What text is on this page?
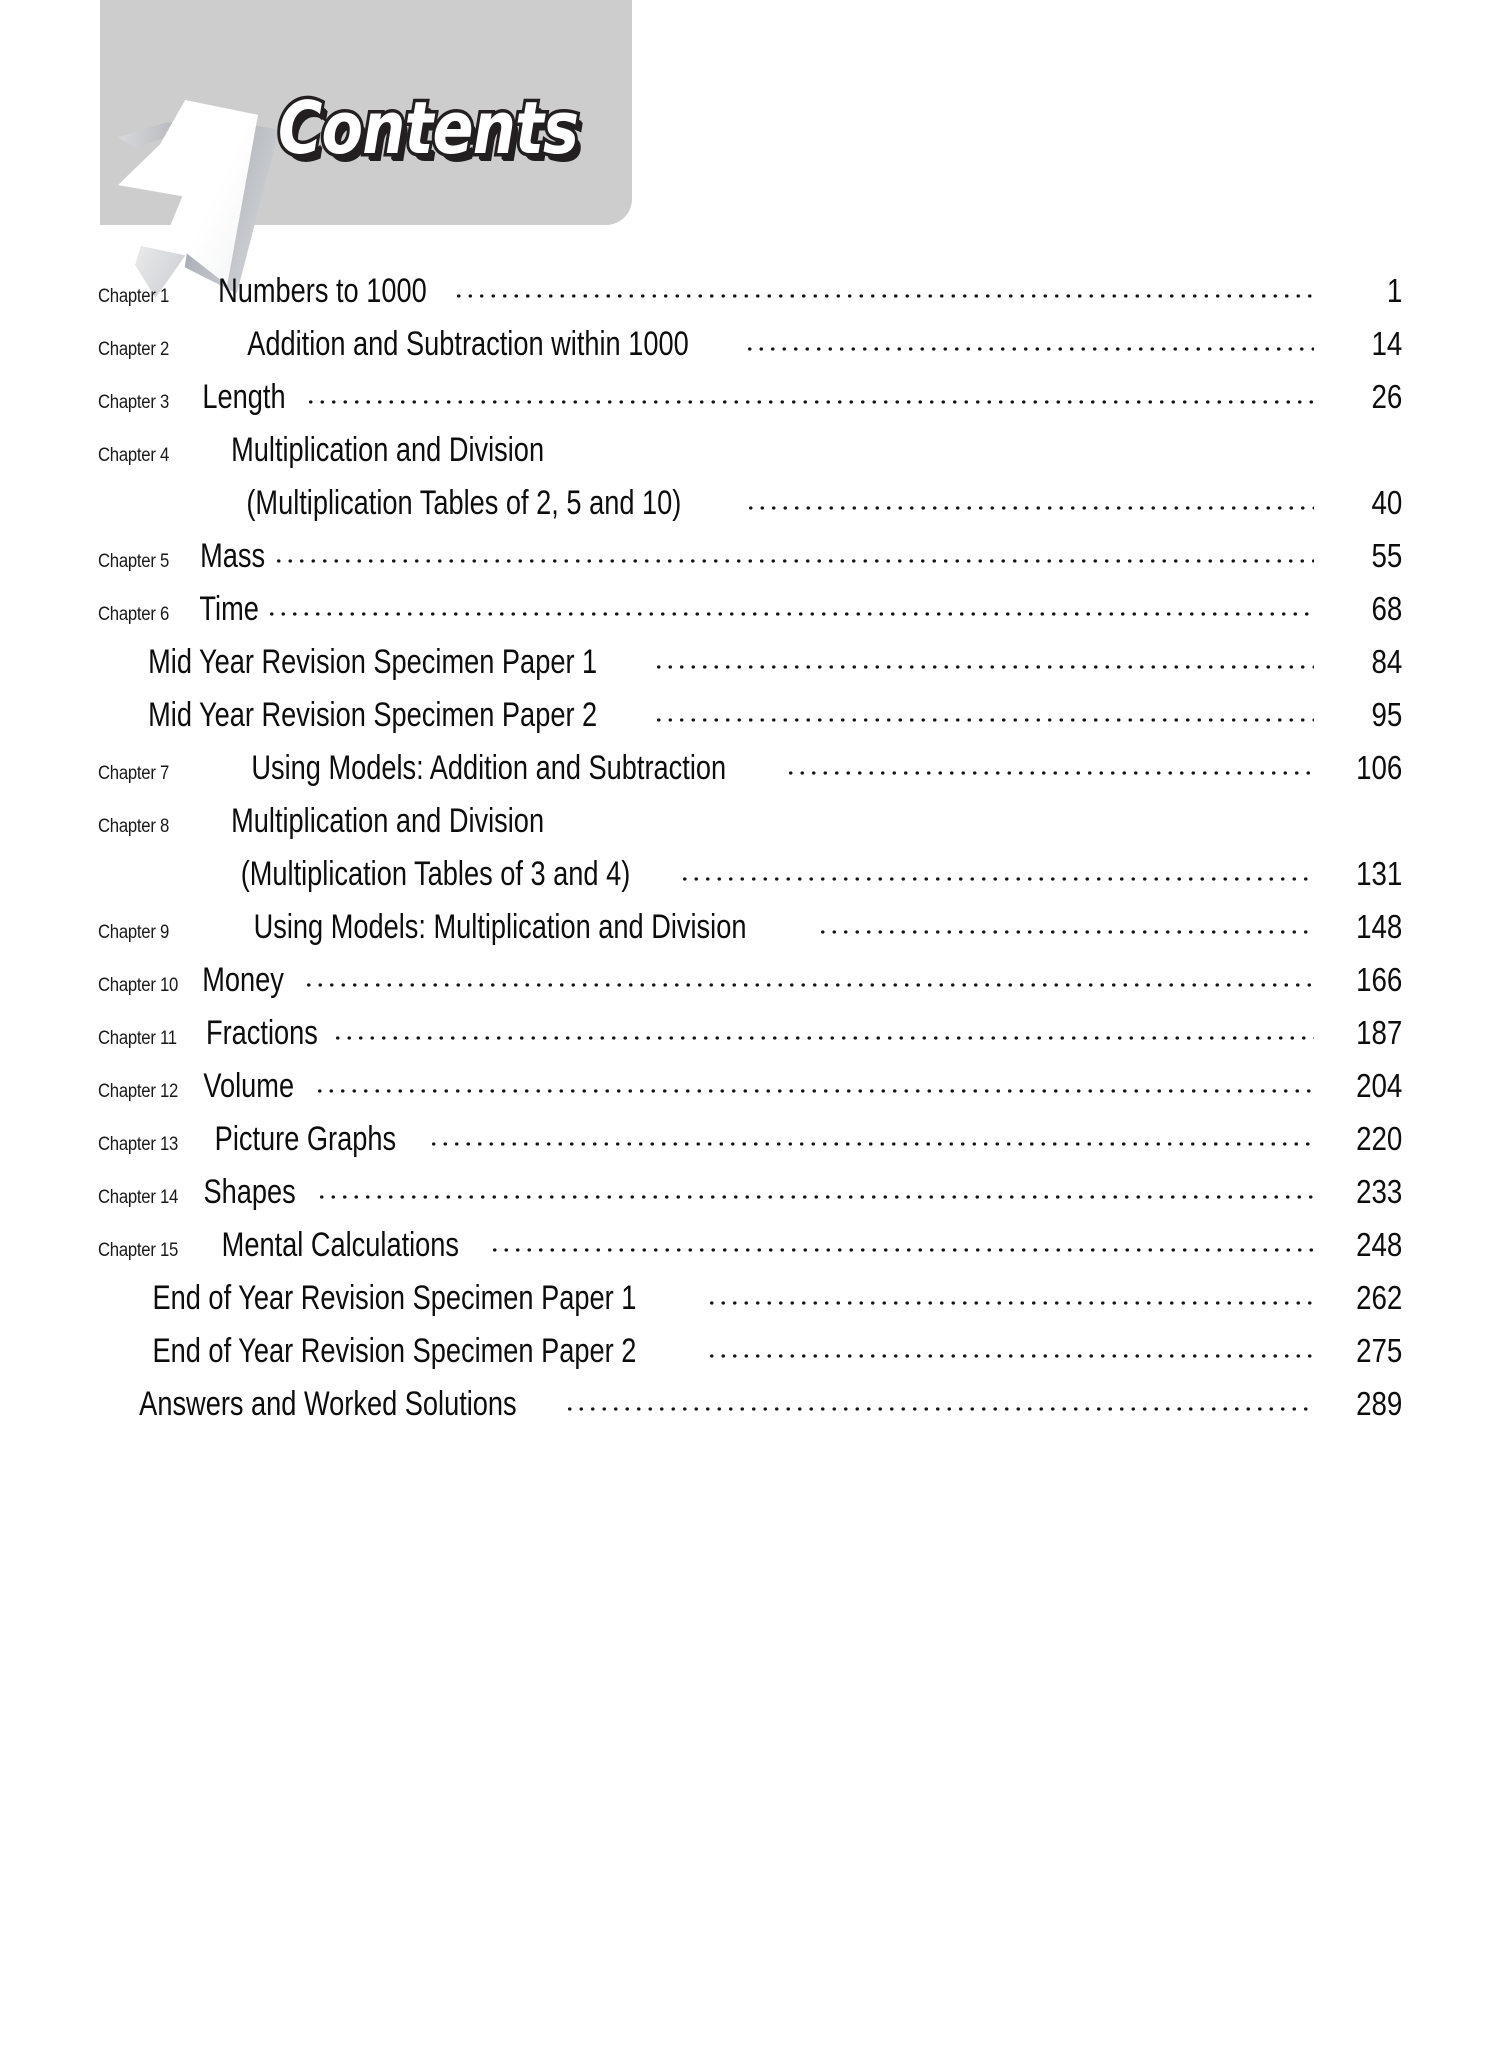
Contents
Chapter 1	Numbers to 1000	1
Chapter 2	Addition and Subtraction within 1000	14
Chapter 3 Length	26
Chapter 4	Multiplication and Division
(Multiplication Tables of 2, 5 and 10)	40
Chapter 5 Mass	55
Chapter 6 Time	68
Mid Year Revision Specimen Paper 1	84
Mid Year Revision Specimen Paper 2	95
Chapter 7	Using Models: Addition and Subtraction	106
Chapter 8	Multiplication and Division
(Multiplication Tables of 3 and 4)	131
Chapter 9	Using Models: Multiplication and Division	148
Chapter 10 Money	166
Chapter 11 Fractions	187
Chapter 12 Volume	204
Chapter 13 Picture Graphs	220
Chapter 14 Shapes	233
Chapter 15 Mental Calculations	248
End of Year Revision Specimen Paper 1	262
End of Year Revision Specimen Paper 2	275
Answers and Worked Solutions	289
